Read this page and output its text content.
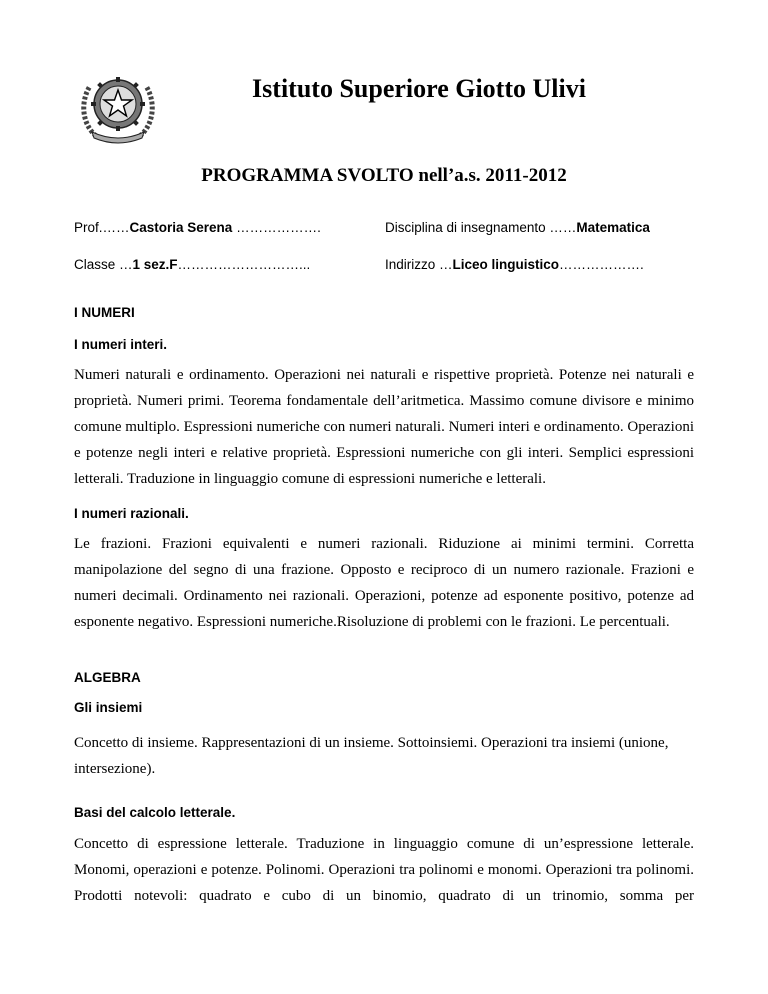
Istituto Superiore Giotto Ulivi
PROGRAMMA SVOLTO nell’a.s. 2011-2012
Prof.……Castoria Serena ……………….	Disciplina di insegnamento ……Matematica
Classe …1 sez.F………………………...	Indirizzo …Liceo linguistico……………….
I NUMERI
I numeri interi.
Numeri naturali e ordinamento. Operazioni nei naturali e rispettive proprietà. Potenze nei naturali e proprietà. Numeri primi. Teorema fondamentale dell’aritmetica. Massimo comune divisore e minimo comune multiplo. Espressioni numeriche con numeri naturali. Numeri interi e ordinamento. Operazioni e potenze negli interi e relative proprietà. Espressioni numeriche con gli interi. Semplici espressioni letterali. Traduzione in linguaggio comune di espressioni numeriche e letterali.
I numeri razionali.
Le frazioni. Frazioni equivalenti e numeri razionali. Riduzione ai minimi termini. Corretta manipolazione del segno di una frazione. Opposto e reciproco di un numero razionale. Frazioni e numeri decimali. Ordinamento nei razionali. Operazioni, potenze ad esponente positivo, potenze ad esponente negativo. Espressioni numeriche.Risoluzione di problemi con le frazioni. Le percentuali.
ALGEBRA
Gli insiemi
Concetto di insieme. Rappresentazioni di un insieme. Sottoinsiemi. Operazioni tra insiemi (unione, intersezione).
Basi del calcolo letterale.
Concetto di espressione letterale. Traduzione in linguaggio comune di un’espressione letterale. Monomi, operazioni e potenze. Polinomi. Operazioni tra polinomi e monomi. Operazioni tra polinomi. Prodotti notevoli: quadrato e cubo di un binomio, quadrato di un trinomio, somma per
